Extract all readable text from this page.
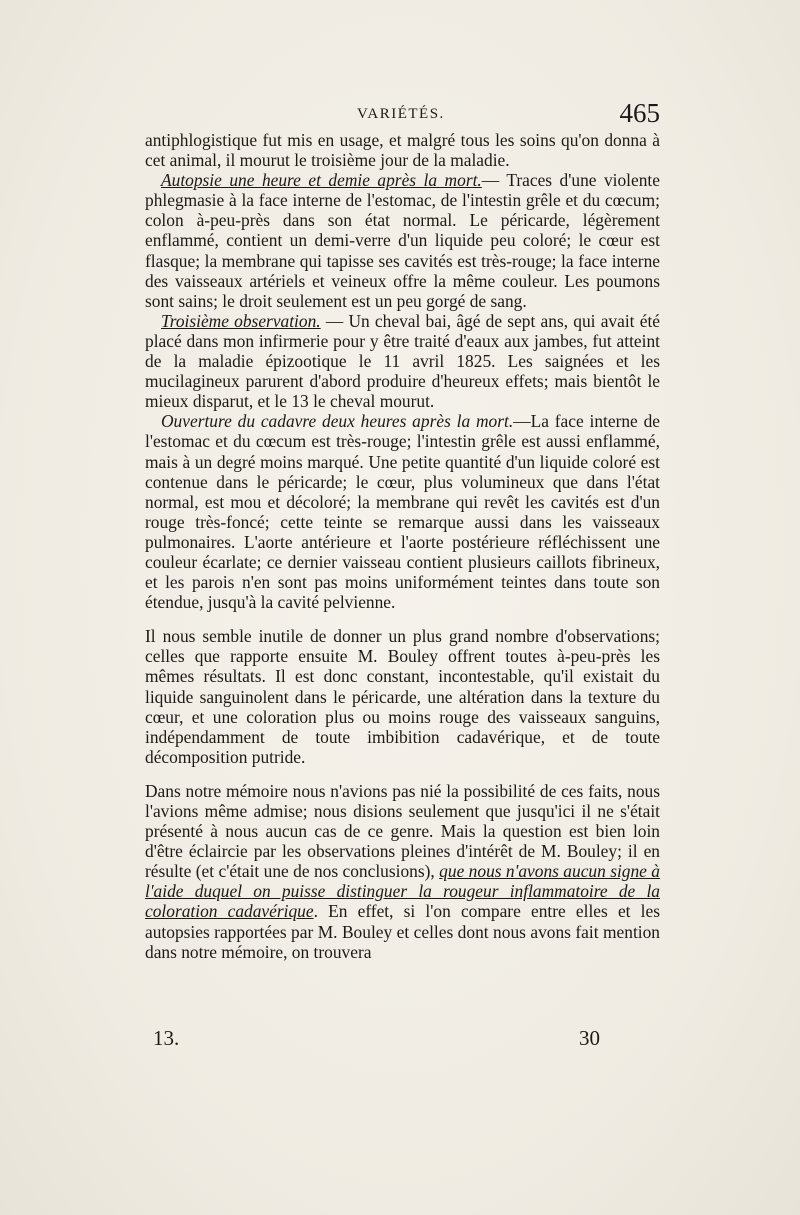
VARIÉTÉS.	465

antiphlogistique fut mis en usage, et malgré tous les soins qu'on donna à cet animal, il mourut le troisième jour de la maladie.

Autopsie une heure et demie après la mort.— Traces d'une violente phlegmasie à la face interne de l'estomac, de l'intestin grêle et du cœcum; colon à-peu-près dans son état normal. Le péricarde, légèrement enflammé, contient un demi-verre d'un liquide peu coloré; le cœur est flasque; la membrane qui tapisse ses cavités est très-rouge; la face interne des vaisseaux artériels et veineux offre la même couleur. Les poumons sont sains; le droit seulement est un peu gorgé de sang.

Troisième observation. — Un cheval bai, âgé de sept ans, qui avait été placé dans mon infirmerie pour y être traité d'eaux aux jambes, fut atteint de la maladie épizootique le 11 avril 1825. Les saignées et les mucilagineux parurent d'abord produire d'heureux effets; mais bientôt le mieux disparut, et le 13 le cheval mourut.

Ouverture du cadavre deux heures après la mort.—La face interne de l'estomac et du cœcum est très-rouge; l'intestin grêle est aussi enflammé, mais à un degré moins marqué. Une petite quantité d'un liquide coloré est contenue dans le péricarde; le cœur, plus volumineux que dans l'état normal, est mou et décoloré; la membrane qui revêt les cavités est d'un rouge très-foncé; cette teinte se remarque aussi dans les vaisseaux pulmonaires. L'aorte antérieure et l'aorte postérieure réfléchissent une couleur écarlate; ce dernier vaisseau contient plusieurs caillots fibrineux, et les parois n'en sont pas moins uniformément teintes dans toute son étendue, jusqu'à la cavité pelvienne.

Il nous semble inutile de donner un plus grand nombre d'observations; celles que rapporte ensuite M. Bouley offrent toutes à-peu-près les mêmes résultats. Il est donc constant, incontestable, qu'il existait du liquide sanguinolent dans le péricarde, une altération dans la texture du cœur, et une coloration plus ou moins rouge des vaisseaux sanguins, indépendamment de toute imbibition cadavérique, et de toute décomposition putride.

Dans notre mémoire nous n'avions pas nié la possibilité de ces faits, nous l'avions même admise; nous disions seulement que jusqu'ici il ne s'était présenté à nous aucun cas de ce genre. Mais la question est bien loin d'être éclaircie par les observations pleines d'intérêt de M. Bouley; il en résulte (et c'était une de nos conclusions), que nous n'avons aucun signe à l'aide duquel on puisse distinguer la rougeur inflammatoire de la coloration cadavérique. En effet, si l'on compare entre elles et les autopsies rapportées par M. Bouley et celles dont nous avons fait mention dans notre mémoire, on trouvera

13.	30
